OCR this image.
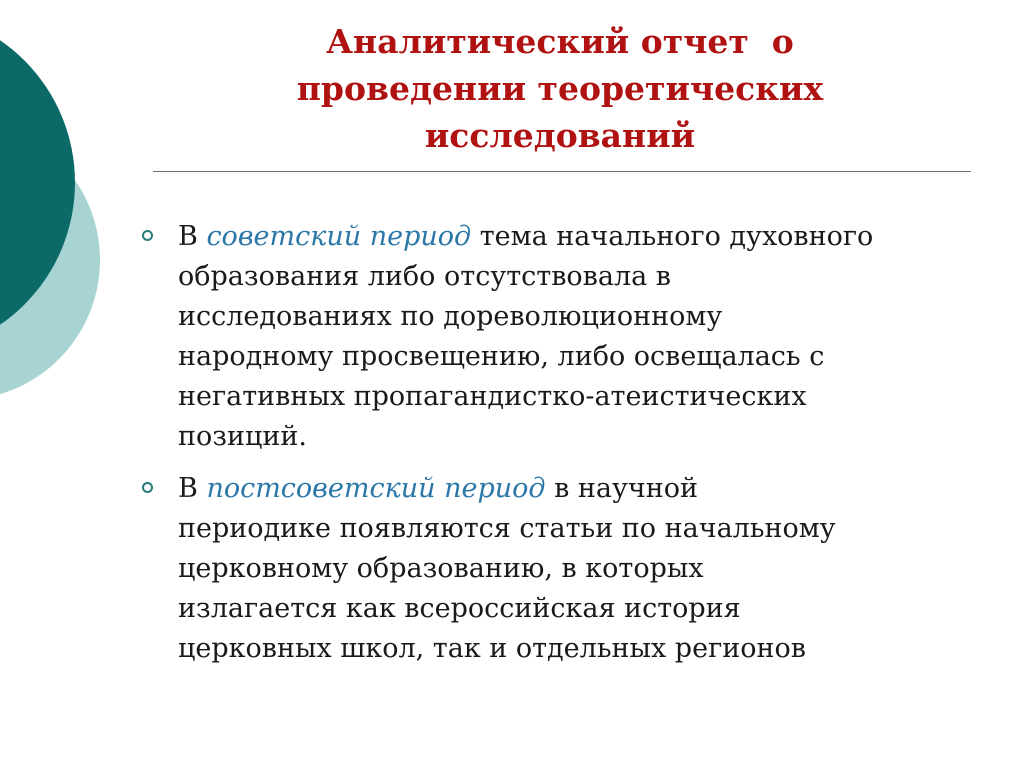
Аналитический отчет  о
проведении теоретических
исследований
В советский период тема начального духовного
образования либо отсутствовала в
исследованиях по дореволюционному
народному просвещению, либо освещалась с
негативных пропагандистко-атеистических
позиций.
В постсоветский период в научной
периодике появляются статьи по начальному
церковному образованию, в которых
излагается как всероссийская история
церковных школ, так и отдельных регионов
